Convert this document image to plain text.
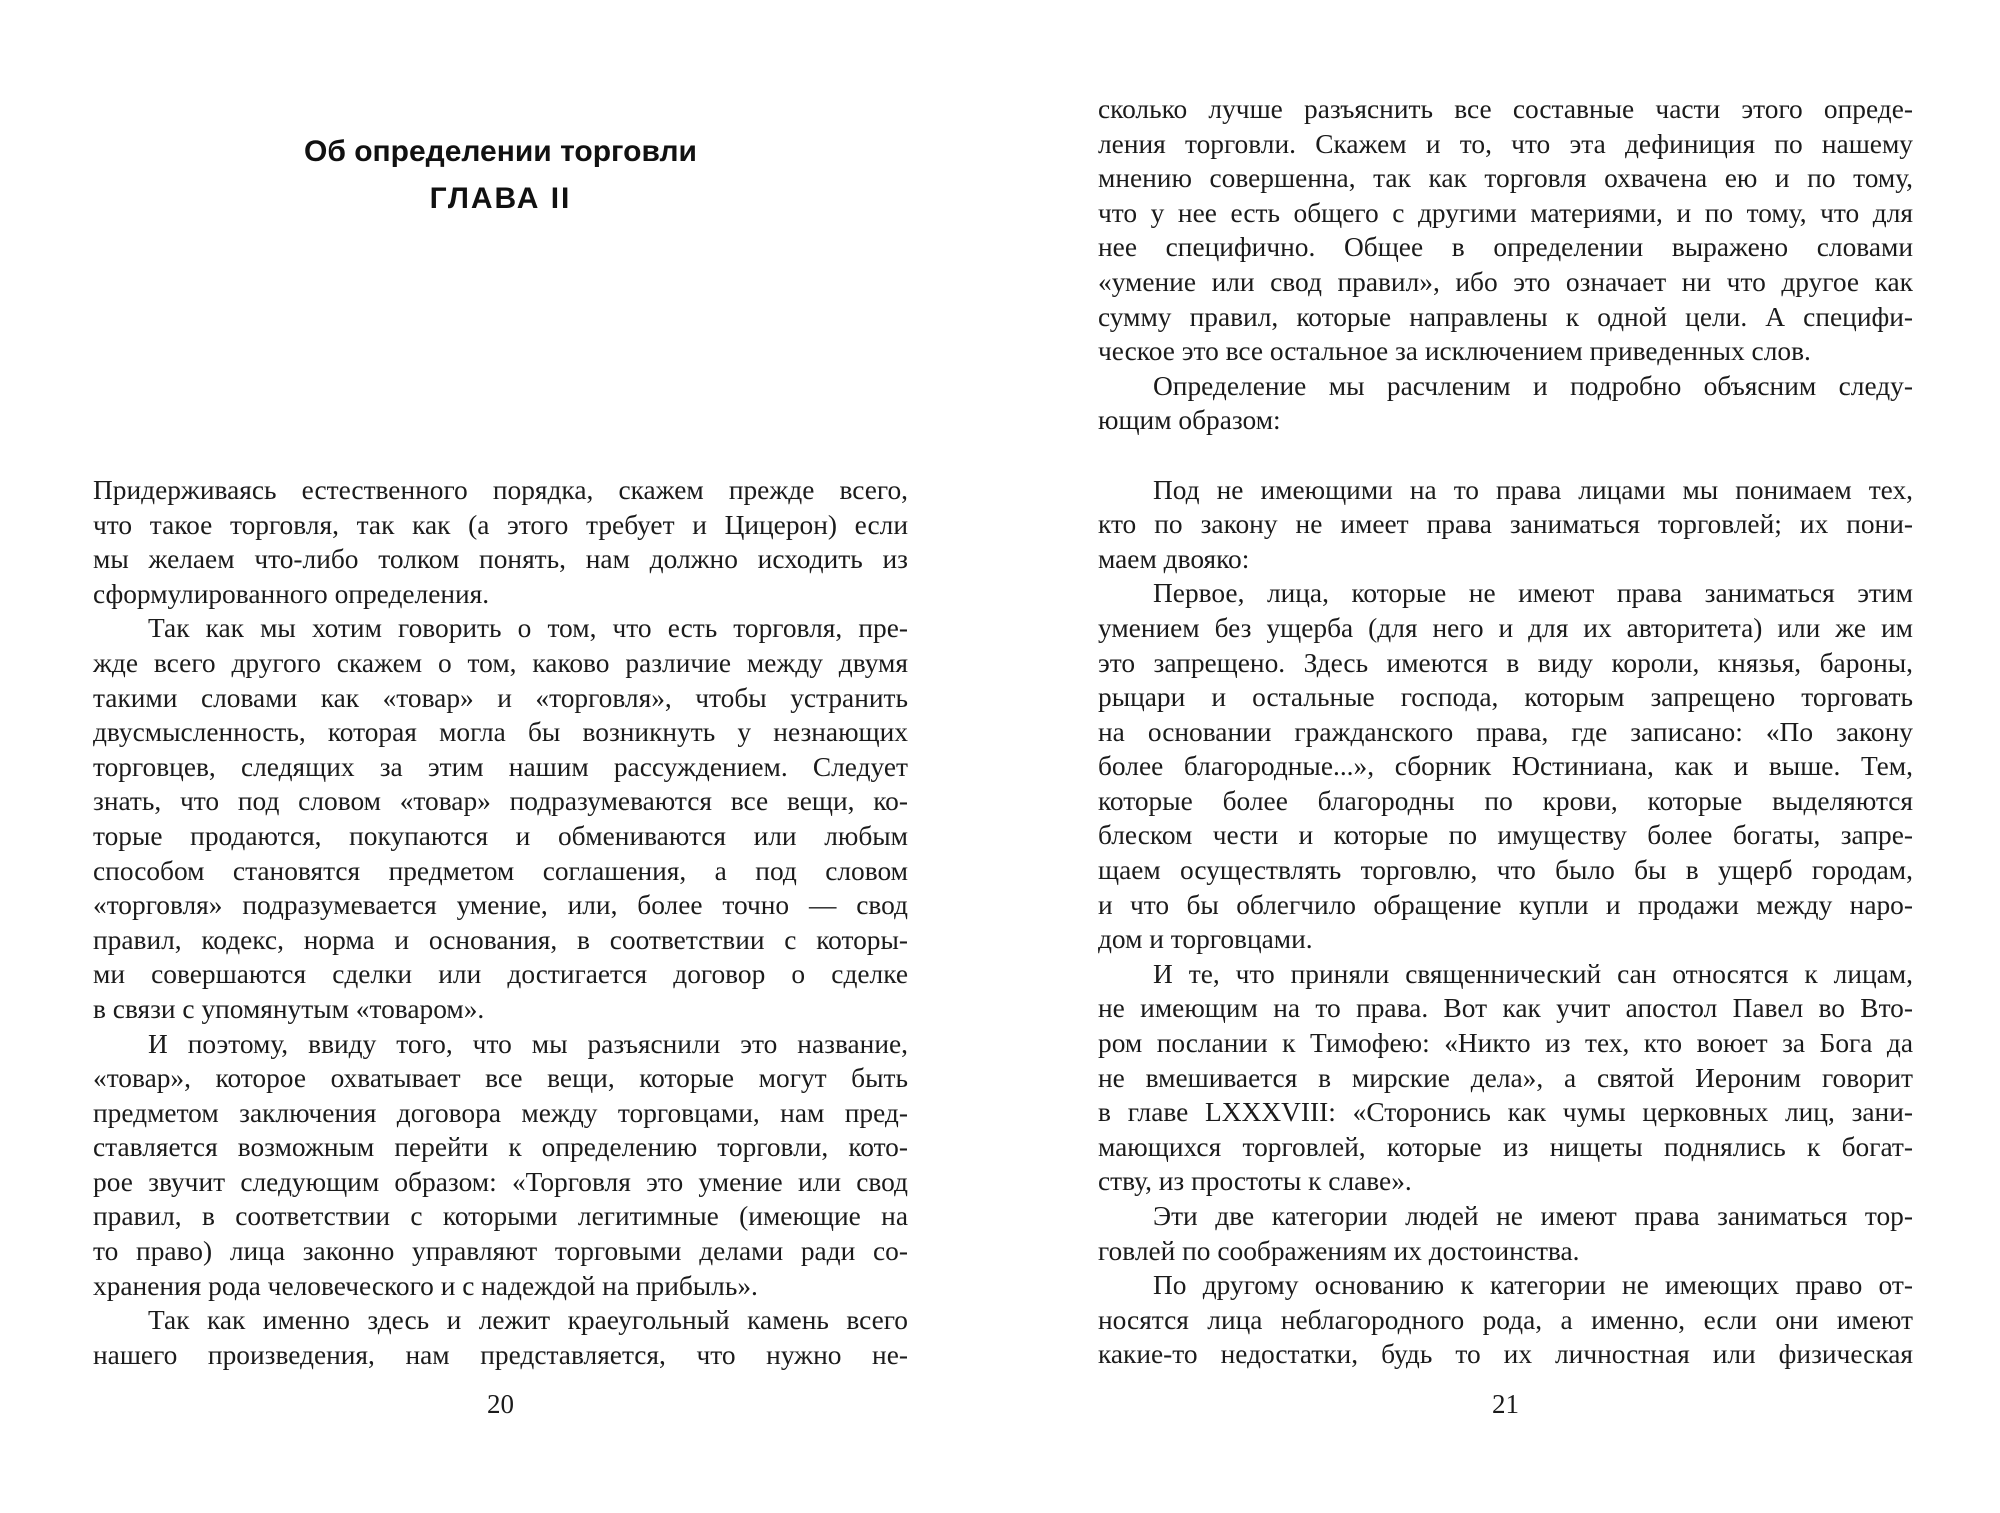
Об определении торговли
ГЛАВА II
Придерживаясь естественного порядка, скажем прежде всего,
что такое торговля, так как (а этого требует и Цицерон) если
мы желаем что-либо толком понять, нам должно исходить из
сформулированного определения.
Так как мы хотим говорить о том, что есть торговля, пре-
жде всего другого скажем о том, каково различие между двумя
такими словами как «товар» и «торговля», чтобы устранить
двусмысленность, которая могла бы возникнуть у незнающих
торговцев, следящих за этим нашим рассуждением. Следует
знать, что под словом «товар» подразумеваются все вещи, ко-
торые продаются, покупаются и обмениваются или любым
способом становятся предметом соглашения, а под словом
«торговля» подразумевается умение, или, более точно — свод
правил, кодекс, норма и основания, в соответствии с которы-
ми совершаются сделки или достигается договор о сделке
в связи с упомянутым «товаром».
И поэтому, ввиду того, что мы разъяснили это название,
«товар», которое охватывает все вещи, которые могут быть
предметом заключения договора между торговцами, нам пред-
ставляется возможным перейти к определению торговли, кото-
рое звучит следующим образом: «Торговля это умение или свод
правил, в соответствии с которыми легитимные (имеющие на
то право) лица законно управляют торговыми делами ради со-
хранения рода человеческого и с надеждой на прибыль».
Так как именно здесь и лежит краеугольный камень всего
нашего произведения, нам представляется, что нужно не-
20
сколько лучше разъяснить все составные части этого опреде-
ления торговли. Скажем и то, что эта дефиниция по нашему
мнению совершенна, так как торговля охвачена ею и по тому,
что у нее есть общего с другими материями, и по тому, что для
нее специфично. Общее в определении выражено словами
«умение или свод правил», ибо это означает ни что другое как
сумму правил, которые направлены к одной цели. А специфи-
ческое это все остальное за исключением приведенных слов.
Определение мы расчленим и подробно объясним следу-
ющим образом:
Под не имеющими на то права лицами мы понимаем тех,
кто по закону не имеет права заниматься торговлей; их пони-
маем двояко:
Первое, лица, которые не имеют права заниматься этим
умением без ущерба (для него и для их авторитета) или же им
это запрещено. Здесь имеются в виду короли, князья, бароны,
рыцари и остальные господа, которым запрещено торговать
на основании гражданского права, где записано: «По закону
более благородные...», сборник Юстиниана, как и выше. Тем,
которые более благородны по крови, которые выделяются
блеском чести и которые по имуществу более богаты, запре-
щаем осуществлять торговлю, что было бы в ущерб городам,
и что бы облегчило обращение купли и продажи между наро-
дом и торговцами.
И те, что приняли священнический сан относятся к лицам,
не имеющим на то права. Вот как учит апостол Павел во Вто-
ром послании к Тимофею: «Никто из тех, кто воюет за Бога да
не вмешивается в мирские дела», а святой Иероним говорит
в главе LXXXVIII: «Сторонись как чумы церковных лиц, зани-
мающихся торговлей, которые из нищеты поднялись к богат-
ству, из простоты к славе».
Эти две категории людей не имеют права заниматься тор-
говлей по соображениям их достоинства.
По другому основанию к категории не имеющих право от-
носятся лица неблагородного рода, а именно, если они имеют
какие-то недостатки, будь то их личностная или физическая
21
